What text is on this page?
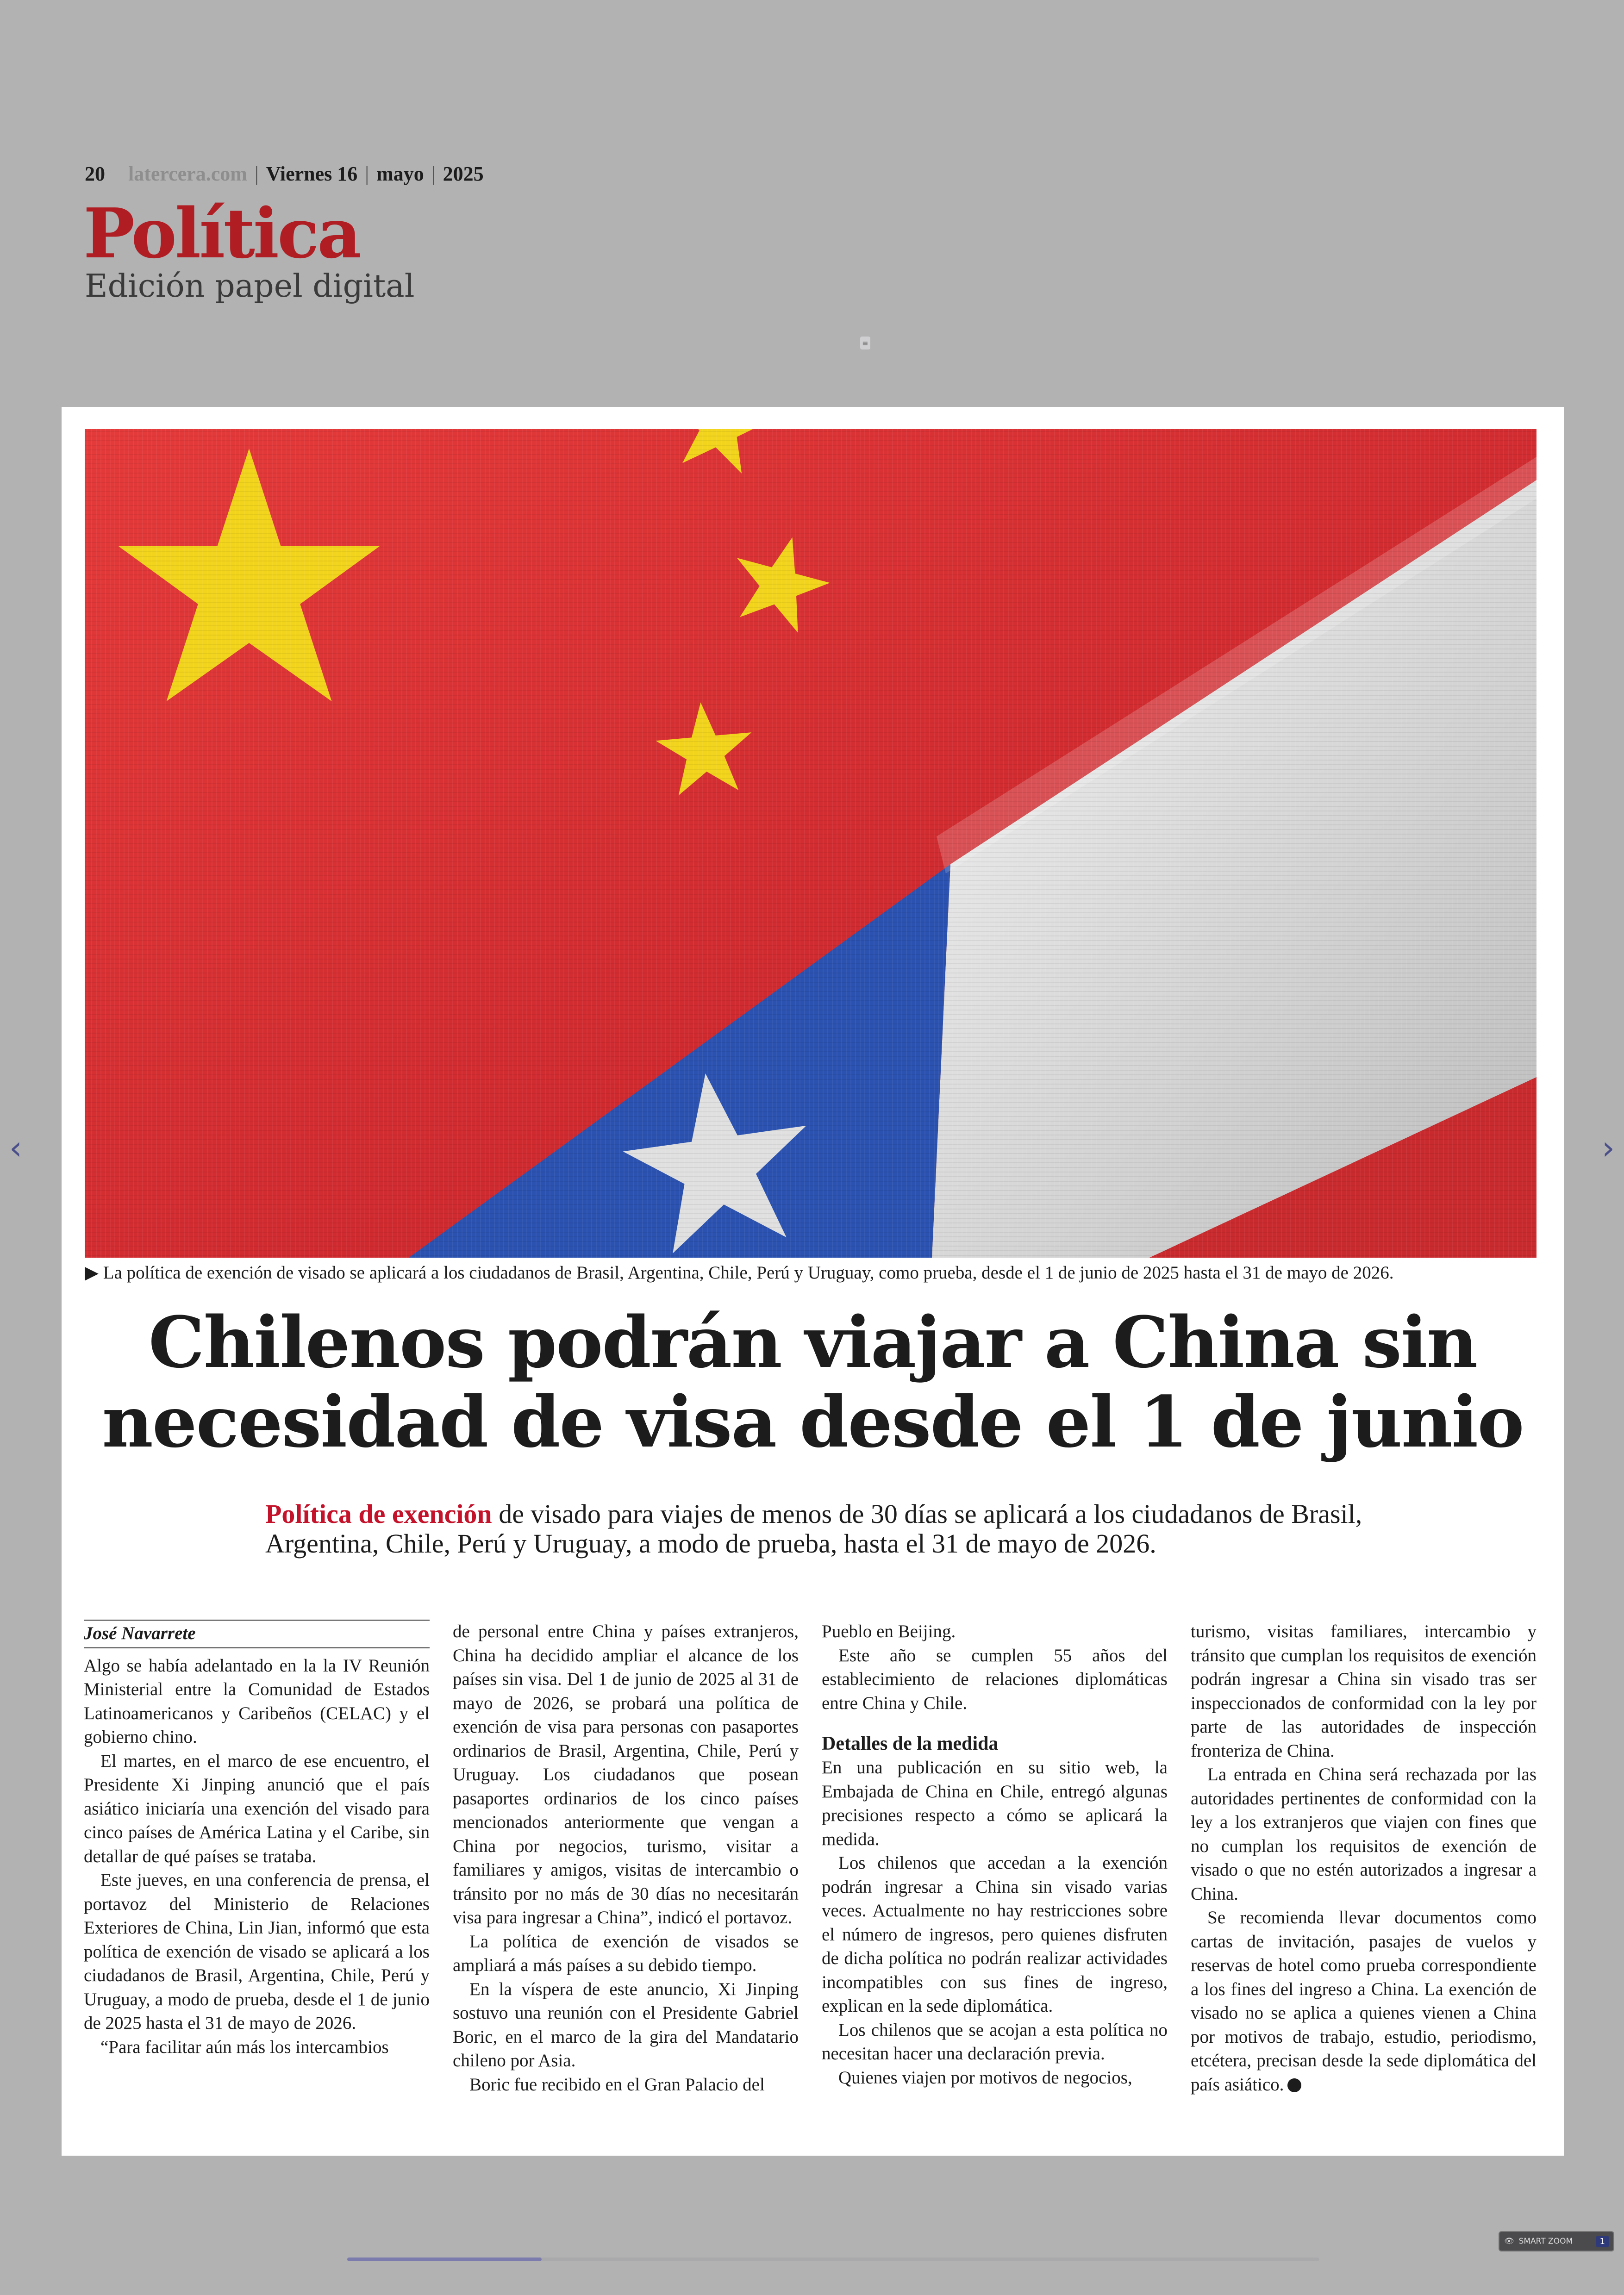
20 latercera.com | Viernes 16 | mayo | 2025
Política
Edición papel digital
≡
▶ La política de exención de visado se aplicará a los ciudadanos de Brasil, Argentina, Chile, Perú y Uruguay, como prueba, desde el 1 de junio de 2025 hasta el 31 de mayo de 2026.
Chilenos podrán viajar a China sin
necesidad de visa desde el 1 de junio
Política de exención de visado para viajes de menos de 30 días se aplicará a los ciudadanos de Brasil, Argentina, Chile, Perú y Uruguay, a modo de prueba, hasta el 31 de mayo de 2026.
José Navarrete

Algo se había adelantado en la la IV Reunión Ministerial entre la Comunidad de Estados Latinoamericanos y Caribeños (CELAC) y el gobierno chino.

El martes, en el marco de ese encuentro, el Presidente Xi Jinping anunció que el país asiático iniciaría una exención del visado para cinco países de América Latina y el Caribe, sin detallar de qué países se trataba.

Este jueves, en una conferencia de prensa, el portavoz del Ministerio de Relaciones Exteriores de China, Lin Jian, informó que esta política de exención de visado se aplicará a los ciudadanos de Brasil, Argentina, Chile, Perú y Uruguay, a modo de prueba, desde el 1 de junio de 2025 hasta el 31 de mayo de 2026.

“Para facilitar aún más los intercambios

de personal entre China y países extranjeros, China ha decidido ampliar el alcance de los países sin visa. Del 1 de junio de 2025 al 31 de mayo de 2026, se probará una política de exención de visa para personas con pasaportes ordinarios de Brasil, Argentina, Chile, Perú y Uruguay. Los ciudadanos que posean pasaportes ordinarios de los cinco países mencionados anteriormente que vengan a China por negocios, turismo, visitar a familiares y amigos, visitas de intercambio o tránsito por no más de 30 días no necesitarán visa para ingresar a China”, indicó el portavoz.

La política de exención de visados se ampliará a más países a su debido tiempo.

En la víspera de este anuncio, Xi Jinping sostuvo una reunión con el Presidente Gabriel Boric, en el marco de la gira del Mandatario chileno por Asia.

Boric fue recibido en el Gran Palacio del

Pueblo en Beijing.

Este año se cumplen 55 años del establecimiento de relaciones diplomáticas entre China y Chile.

Detalles de la medida

En una publicación en su sitio web, la Embajada de China en Chile, entregó algunas precisiones respecto a cómo se aplicará la medida.

Los chilenos que accedan a la exención podrán ingresar a China sin visado varias veces. Actualmente no hay restricciones sobre el número de ingresos, pero quienes disfruten de dicha política no podrán realizar actividades incompatibles con sus fines de ingreso, explican en la sede diplomática.

Los chilenos que se acojan a esta política no necesitan hacer una declaración previa.

Quienes viajen por motivos de negocios,

turismo, visitas familiares, intercambio y tránsito que cumplan los requisitos de exención podrán ingresar a China sin visado tras ser inspeccionados de conformidad con la ley por parte de las autoridades de inspección fronteriza de China.

La entrada en China será rechazada por las autoridades pertinentes de conformidad con la ley a los extranjeros que viajen con fines que no cumplan los requisitos de exención de visado o que no estén autorizados a ingresar a China.

Se recomienda llevar documentos como cartas de invitación, pasajes de vuelos y reservas de hotel como prueba correspondiente a los fines del ingreso a China. La exención de visado no se aplica a quienes vienen a China por motivos de trabajo, estudio, periodismo, etcétera, precisan desde la sede diplomática del país asiático.

‹	›
👁 SMART ZOOM	1
